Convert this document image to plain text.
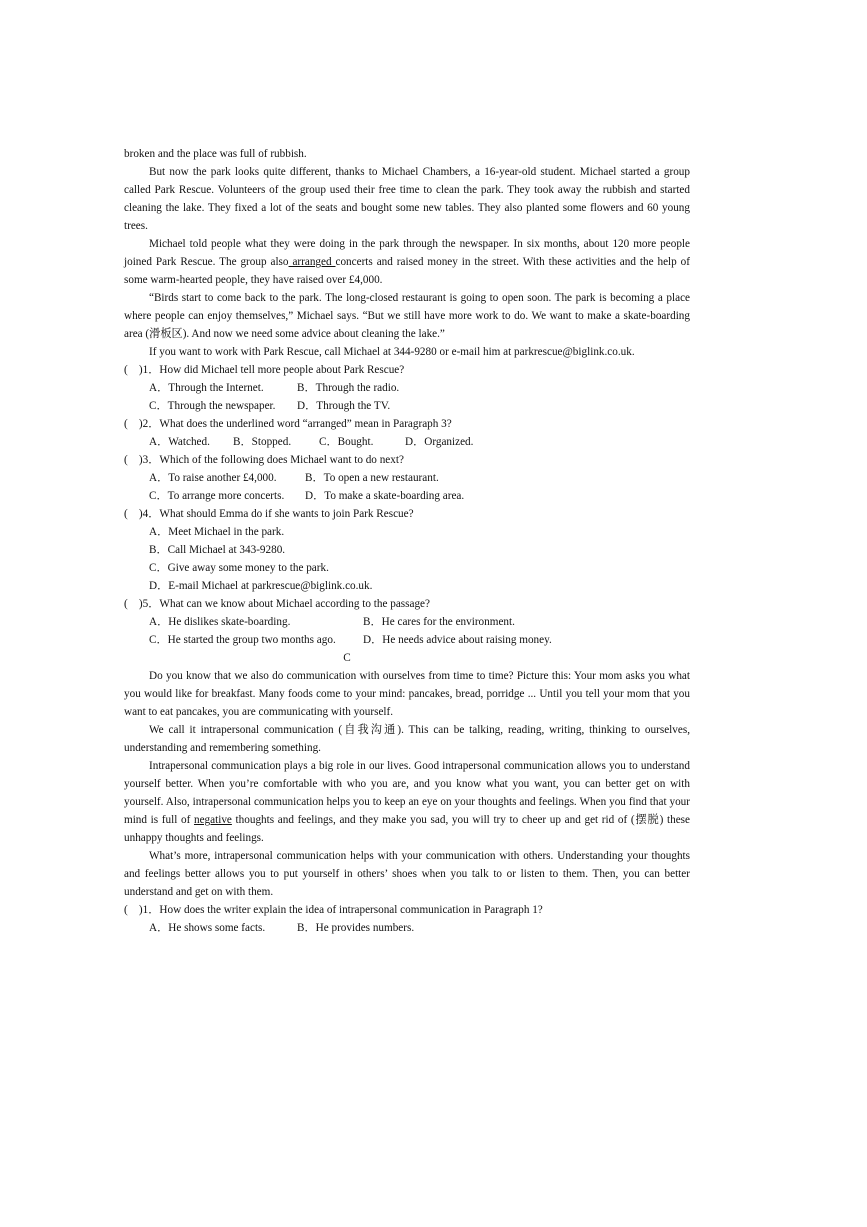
broken and the place was full of rubbish.

But now the park looks quite different, thanks to Michael Chambers, a 16-year-old student. Michael started a group called Park Rescue. Volunteers of the group used their free time to clean the park. They took away the rubbish and started cleaning the lake. They fixed a lot of the seats and bought some new tables. They also planted some flowers and 60 young trees.

Michael told people what they were doing in the park through the newspaper. In six months, about 120 more people joined Park Rescue. The group also arranged concerts and raised money in the street. With these activities and the help of some warm-hearted people, they have raised over £4,000.

“Birds start to come back to the park. The long-closed restaurant is going to open soon. The park is becoming a place where people can enjoy themselves,” Michael says. “But we still have more work to do. We want to make a skate-boarding area (滑板区). And now we need some advice about cleaning the lake.”

If you want to work with Park Rescue, call Michael at 344-9280 or e-mail him at parkrescue@biglink.co.uk.

(　)1．How did Michael tell more people about Park Rescue?

A．Through the Internet.	B．Through the radio.

C．Through the newspaper. D．Through the TV.

(　)2．What does the underlined word “arranged” mean in Paragraph 3?

A．Watched. B．Stopped. C．Bought.	D．Organized.

(　)3．Which of the following does Michael want to do next?

A．To raise another £4,000.	B．To open a new restaurant.

C．To arrange more concerts. D．To make a skate-boarding area.

(　)4．What should Emma do if she wants to join Park Rescue?

A．Meet Michael in the park.

B．Call Michael at 343-9280.

C．Give away some money to the park.

D．E-mail Michael at parkrescue@biglink.co.uk.

(　)5．What can we know about Michael according to the passage?

A．He dislikes skate-boarding.	B．He cares for the environment.

C．He started the group two months ago. D．He needs advice about raising money.

C

Do you know that we also do communication with ourselves from time to time? Picture this: Your mom asks you what you would like for breakfast. Many foods come to your mind: pancakes, bread, porridge ... Until you tell your mom that you want to eat pancakes, you are communicating with yourself.

We call it intrapersonal communication (自我沟通). This can be talking, reading, writing, thinking to ourselves, understanding and remembering something.

Intrapersonal communication plays a big role in our lives. Good intrapersonal communication allows you to understand yourself better. When you’re comfortable with who you are, and you know what you want, you can better get on with yourself. Also, intrapersonal communication helps you to keep an eye on your thoughts and feelings. When you find that your mind is full of negative thoughts and feelings, and they make you sad, you will try to cheer up and get rid of (摆脱) these unhappy thoughts and feelings.

What’s more, intrapersonal communication helps with your communication with others. Understanding your thoughts and feelings better allows you to put yourself in others’ shoes when you talk to or listen to them. Then, you can better understand and get on with them.

(　)1．How does the writer explain the idea of intrapersonal communication in Paragraph 1?

A．He shows some facts.	B．He provides numbers.
